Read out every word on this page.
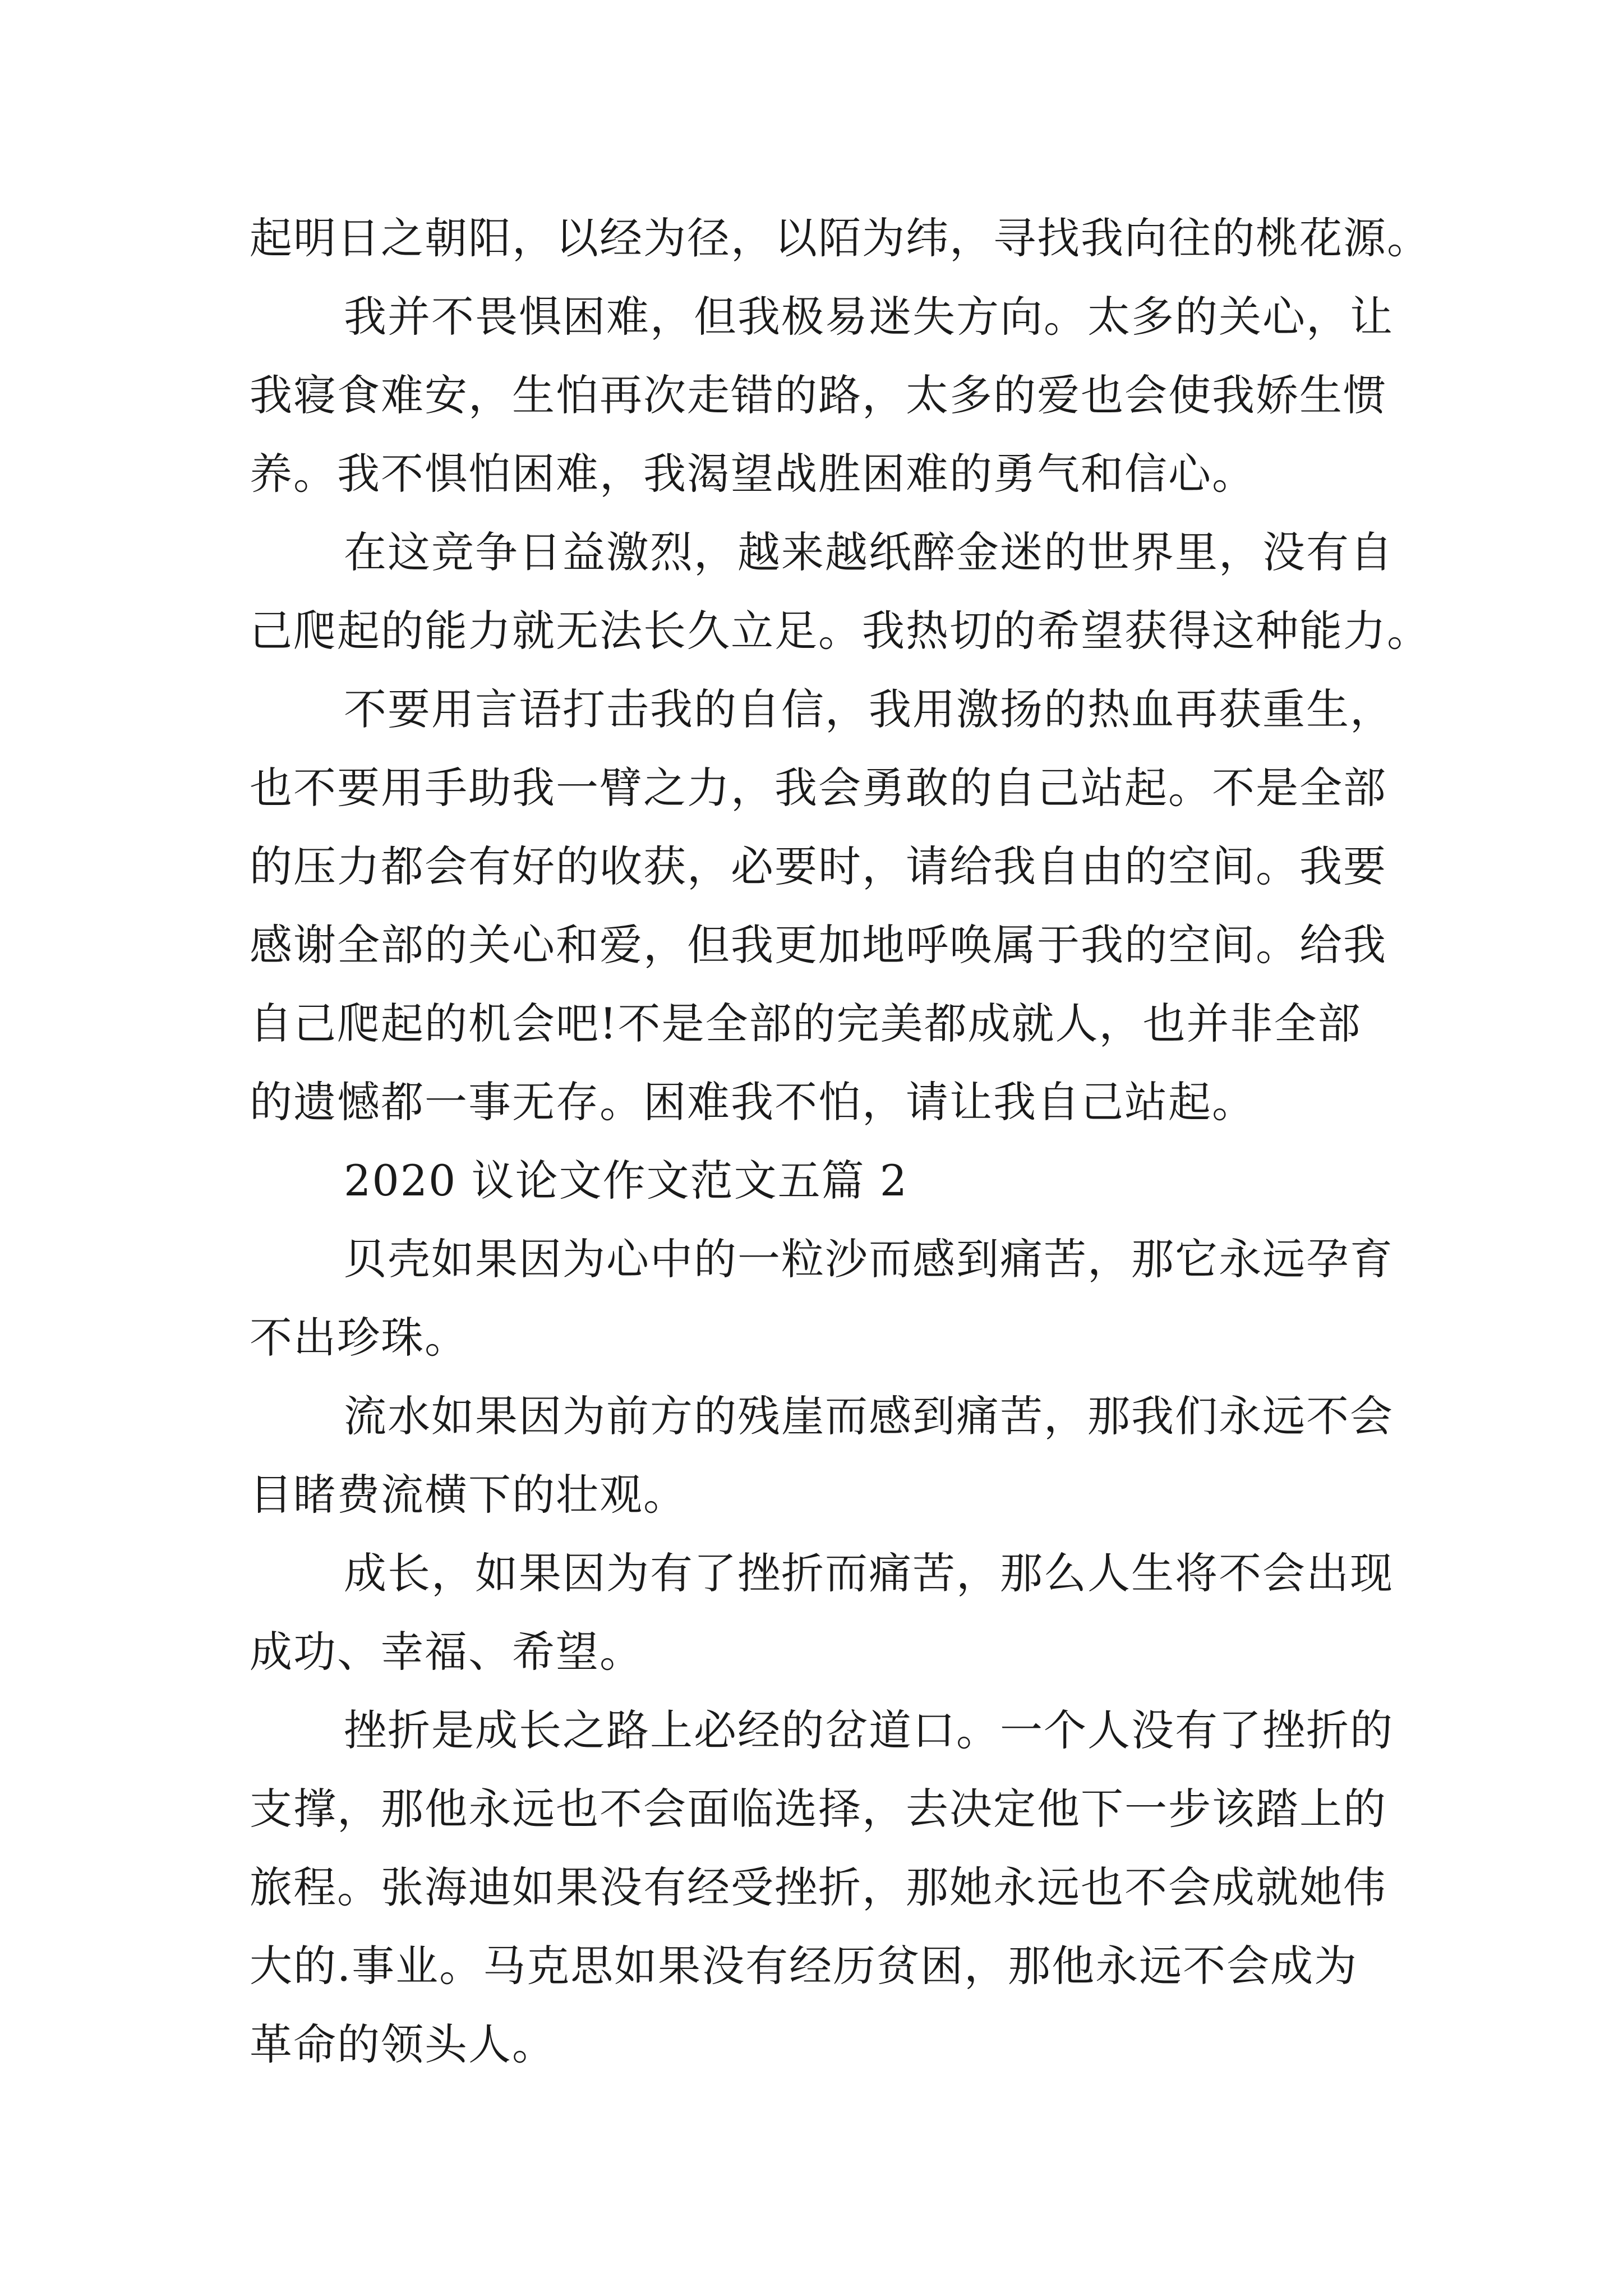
起明日之朝阳，以经为径，以陌为纬，寻找我向往的桃花源。
我并不畏惧困难，但我极易迷失方向。太多的关心，让
我寝食难安，生怕再次走错的路，太多的爱也会使我娇生惯
养。我不惧怕困难，我渴望战胜困难的勇气和信心。
在这竞争日益激烈，越来越纸醉金迷的世界里，没有自
己爬起的能力就无法长久立足。我热切的希望获得这种能力。
不要用言语打击我的自信，我用激扬的热血再获重生，
也不要用手助我一臂之力，我会勇敢的自己站起。不是全部
的压力都会有好的收获，必要时，请给我自由的空间。我要
感谢全部的关心和爱，但我更加地呼唤属于我的空间。给我
自己爬起的机会吧!不是全部的完美都成就人，也并非全部
的遗憾都一事无存。困难我不怕，请让我自己站起。
2020 议论文作文范文五篇 2
贝壳如果因为心中的一粒沙而感到痛苦，那它永远孕育
不出珍珠。
流水如果因为前方的残崖而感到痛苦，那我们永远不会
目睹费流横下的壮观。
成长，如果因为有了挫折而痛苦，那么人生将不会出现
成功、幸福、希望。
挫折是成长之路上必经的岔道口。一个人没有了挫折的
支撑，那他永远也不会面临选择，去决定他下一步该踏上的
旅程。张海迪如果没有经受挫折，那她永远也不会成就她伟
大的.事业。马克思如果没有经历贫困，那他永远不会成为
革命的领头人。
